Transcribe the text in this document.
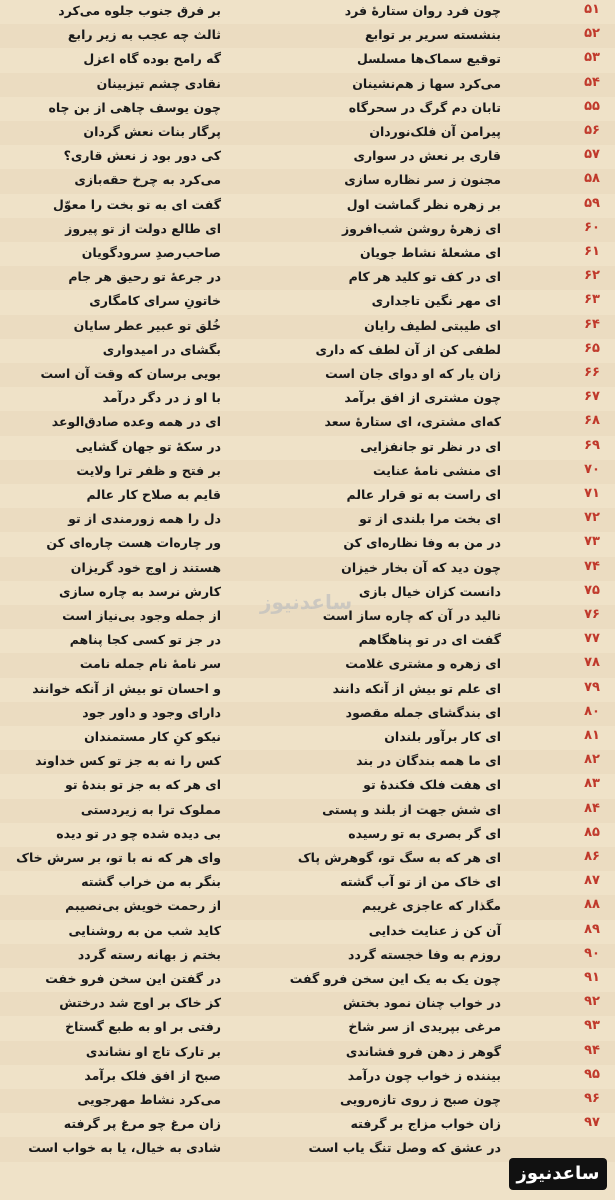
۵۱
چون فرد روان ستارهٔ فرد
بر فرق جنوب جلوه می‌کرد
۵۲
بنشسته سریر بر توابع
ثالث چه عجب به زیر رابع
۵۳
توقیع سماک‌ها مسلسل
گه رامح بوده گاه اعزل
۵۴
می‌کرد سها ز هم‌نشینان
نقادی چشم تیزبینان
۵۵
تابان دم گرگ در سحرگاه
چون یوسف چاهی از بن چاه
۵۶
پیرامن آن فلک‌نوردان
پرگار بنات نعش گردان
۵۷
قاری بر نعش در سواری
کی دور بود ز نعش قاری؟
۵۸
مجنون ز سر نظاره سازی
می‌کرد به چرخ حقه‌بازی
۵۹
بر زهره نظر گماشت اول
گفت ای به تو بخت را معوّل
۶۰
ای زهرهٔ روشن شب‌افروز
ای طالع دولت از تو پیروز
۶۱
ای مشعلهٔ نشاط جویان
صاحب‌رصدِ سرودگویان
۶۲
ای در کف تو کلید هر کام
در جرعهٔ تو رحیق هر جام
۶۳
ای مهر نگین تاجداری
خاتونِ سرای کامگاری
۶۴
ای طیبتی لطیف رایان
خُلق تو عبیر عطر سایان
۶۵
لطفی کن از آن لطف که داری
بگشای در امیدواری
۶۶
زان یار که او دوای جان است
بویی برسان که وقت آن است
۶۷
چون مشتری از افق برآمد
با او ز در دگر درآمد
۶۸
که‌ای مشتری، ای ستارهٔ سعد
ای در همه وعده صادق‌الوعد
۶۹
ای در نظر تو جانفزایی
در سکهٔ تو جهان گشایی
۷۰
ای منشی نامهٔ عنایت
بر فتح و ظفر ترا ولایت
۷۱
ای راست به تو قرار عالم
قایم به صلاح کار عالم
۷۲
ای بخت مرا بلندی از تو
دل را همه زورمندی از تو
۷۳
در من به وفا نظاره‌ای کن
ور چاره‌ات هست چاره‌ای کن
۷۴
چون دید که آن بخار خیزان
هستند ز اوج خود گریزان
۷۵
دانست کزان خیال بازی
کارش نرسد به چاره سازی
۷۶
نالید در آن که چاره ساز است
از جمله وجود بی‌نیاز است
۷۷
گفت ای در تو پناهگاهم
در جز تو کسی کجا پناهم
۷۸
ای زهره و مشتری غلامت
سر نامهٔ نام جمله نامت
۷۹
ای علم تو بیش از آنکه دانند
و احسان تو بیش از آنکه خوانند
۸۰
ای بندگشای جمله مقصود
دارای وجود و داور جود
۸۱
ای کار برآور بلندان
نیکو کنِ کار مستمندان
۸۲
ای ما همه بندگان در بند
کس را نه به جز تو کس خداوند
۸۳
ای هفت فلک فکندهٔ تو
ای هر که به جز تو بندهٔ تو
۸۴
ای شش جهت از بلند و پستی
مملوک ترا به زیردستی
۸۵
ای گر بصری به تو رسیده
بی دیده شده چو در تو دیده
۸۶
ای هر که به سگ تو، گوهرش پاک
وای هر که نه با تو، بر سرش خاک
۸۷
ای خاک من از تو آب گشته
بنگر به من خراب گشته
۸۸
مگذار که عاجزی غریبم
از رحمت خویش بی‌نصیبم
۸۹
آن کن ز عنایت خدایی
کاید شب من به روشنایی
۹۰
روزم به وفا خجسته گردد
بختم ز بهانه رسته گردد
۹۱
چون یک به یک این سخن فرو گفت
در گفتن این سخن فرو خفت
۹۲
در خواب چنان نمود بختش
کز خاک بر اوج شد درختش
۹۳
مرغی بپریدی از سر شاخ
رفتی بر او به طبع گستاخ
۹۴
گوهر ز دهن فرو فشاندی
بر تارک تاج او نشاندی
۹۵
بیننده ز خواب چون درآمد
صبح از افق فلک برآمد
۹۶
چون صبح ز روی تازه‌رویی
می‌کرد نشاط مهرجویی
۹۷
زان خواب مزاج بر گرفته
زان مرغ چو مرغ پر گرفته
در عشق که وصل تنگ یاب است
شادی به خیال، یا به خواب است
ساعدنیوز
ساعدنیوز
